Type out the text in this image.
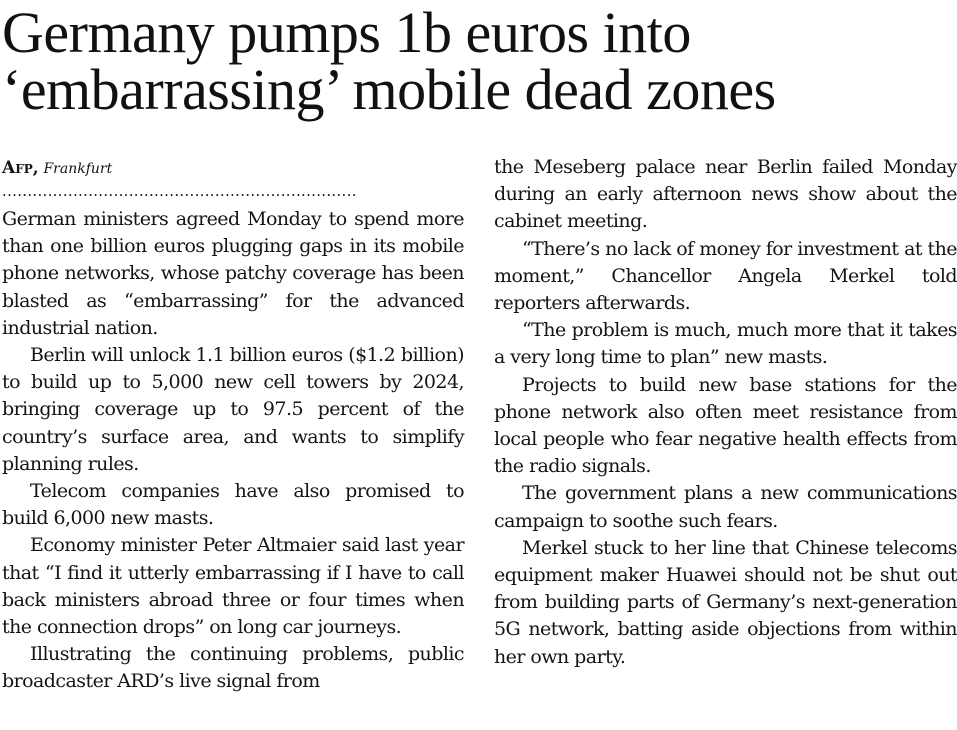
Germany pumps 1b euros into
‘embarrassing’ mobile dead zones
Afp, Frankfurt
......................................................................

German ministers agreed Monday to spend more than one billion euros plugging gaps in its mobile phone networks, whose patchy coverage has been blasted as “embarrassing” for the advanced industrial nation.

Berlin will unlock 1.1 billion euros ($1.2 billion) to build up to 5,000 new cell towers by 2024, bringing coverage up to 97.5 percent of the country’s surface area, and wants to simplify planning rules.

Telecom companies have also promised to build 6,000 new masts.

Economy minister Peter Altmaier said last year that “I find it utterly embarrassing if I have to call back ministers abroad three or four times when the connection drops” on long car journeys.

Illustrating the continuing problems, public broadcaster ARD’s live signal from

the Meseberg palace near Berlin failed Monday during an early afternoon news show about the cabinet meeting.

“There’s no lack of money for investment at the moment,” Chancellor Angela Merkel told reporters afterwards.

“The problem is much, much more that it takes a very long time to plan” new masts.

Projects to build new base stations for the phone network also often meet resistance from local people who fear negative health effects from the radio signals.

The government plans a new communications campaign to soothe such fears.

Merkel stuck to her line that Chinese telecoms equipment maker Huawei should not be shut out from building parts of Germany’s next-generation 5G network, batting aside objections from within her own party.
